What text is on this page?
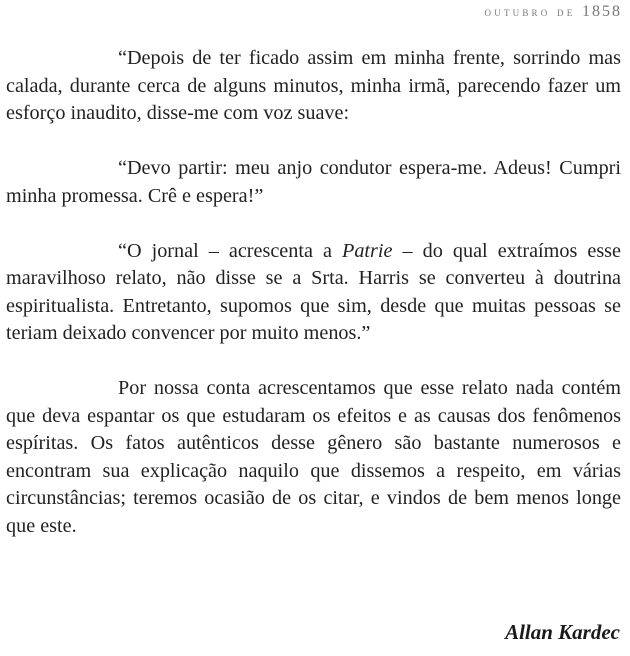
outubro de 1858

“Depois de ter ficado assim em minha frente, sorrindo mas calada, durante cerca de alguns minutos, minha irmã, parecendo fazer um esforço inaudito, disse-me com voz suave:

“Devo partir: meu anjo condutor espera-me. Adeus! Cumpri minha promessa. Crê e espera!”

“O jornal – acrescenta a Patrie – do qual extraímos esse maravilhoso relato, não disse se a Srta. Harris se converteu à doutrina espiritualista. Entretanto, supomos que sim, desde que muitas pessoas se teriam deixado convencer por muito menos.”

Por nossa conta acrescentamos que esse relato nada contém que deva espantar os que estudaram os efeitos e as causas dos fenômenos espíritas. Os fatos autênticos desse gênero são bastante numerosos e encontram sua explicação naquilo que dissemos a respeito, em várias circunstâncias; teremos ocasião de os citar, e vindos de bem menos longe que este.

Allan Kardec
